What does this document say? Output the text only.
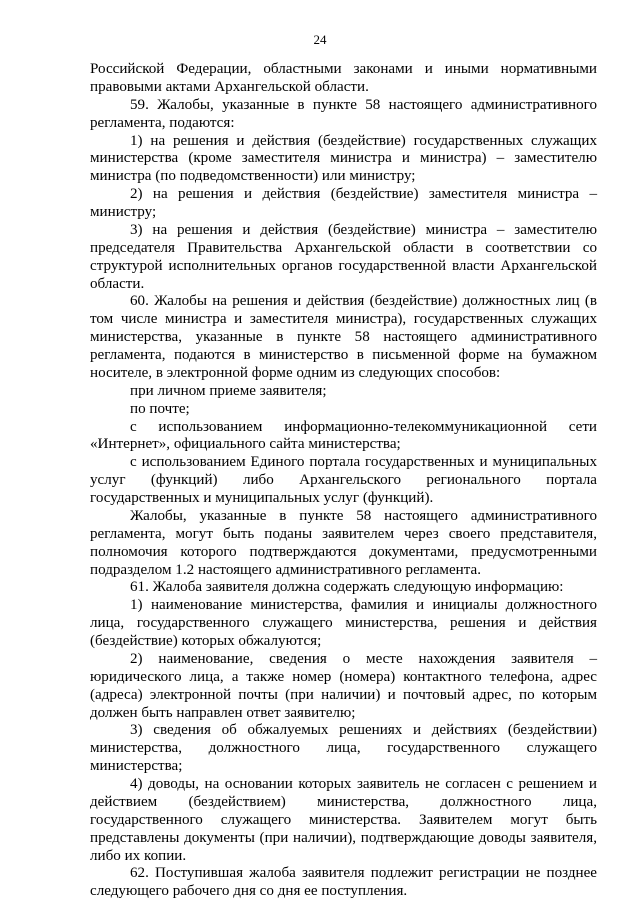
24

Российской Федерации, областными законами и иными нормативными правовыми актами Архангельской области.

59. Жалобы, указанные в пункте 58 настоящего административного регламента, подаются:

1) на решения и действия (бездействие) государственных служащих министерства (кроме заместителя министра и министра) – заместителю министра (по подведомственности) или министру;

2) на решения и действия (бездействие) заместителя министра – министру;

3) на решения и действия (бездействие) министра – заместителю председателя Правительства Архангельской области в соответствии со структурой исполнительных органов государственной власти Архангельской области.

60. Жалобы на решения и действия (бездействие) должностных лиц (в том числе министра и заместителя министра), государственных служащих министерства, указанные в пункте 58 настоящего административного регламента, подаются в министерство в письменной форме на бумажном носителе, в электронной форме одним из следующих способов:

при личном приеме заявителя;

по почте;

с использованием информационно-телекоммуникационной сети «Интернет», официального сайта министерства;

с использованием Единого портала государственных и муниципальных услуг (функций) либо Архангельского регионального портала государственных и муниципальных услуг (функций).

Жалобы, указанные в пункте 58 настоящего административного регламента, могут быть поданы заявителем через своего представителя, полномочия которого подтверждаются документами, предусмотренными подразделом 1.2 настоящего административного регламента.

61. Жалоба заявителя должна содержать следующую информацию:

1) наименование министерства, фамилия и инициалы должностного лица, государственного служащего министерства, решения и действия (бездействие) которых обжалуются;

2) наименование, сведения о месте нахождения заявителя – юридического лица, а также номер (номера) контактного телефона, адрес (адреса) электронной почты (при наличии) и почтовый адрес, по которым должен быть направлен ответ заявителю;

3) сведения об обжалуемых решениях и действиях (бездействии) министерства, должностного лица, государственного служащего министерства;

4) доводы, на основании которых заявитель не согласен с решением и действием (бездействием) министерства, должностного лица, государственного служащего министерства. Заявителем могут быть представлены документы (при наличии), подтверждающие доводы заявителя, либо их копии.

62. Поступившая жалоба заявителя подлежит регистрации не позднее следующего рабочего дня со дня ее поступления.
